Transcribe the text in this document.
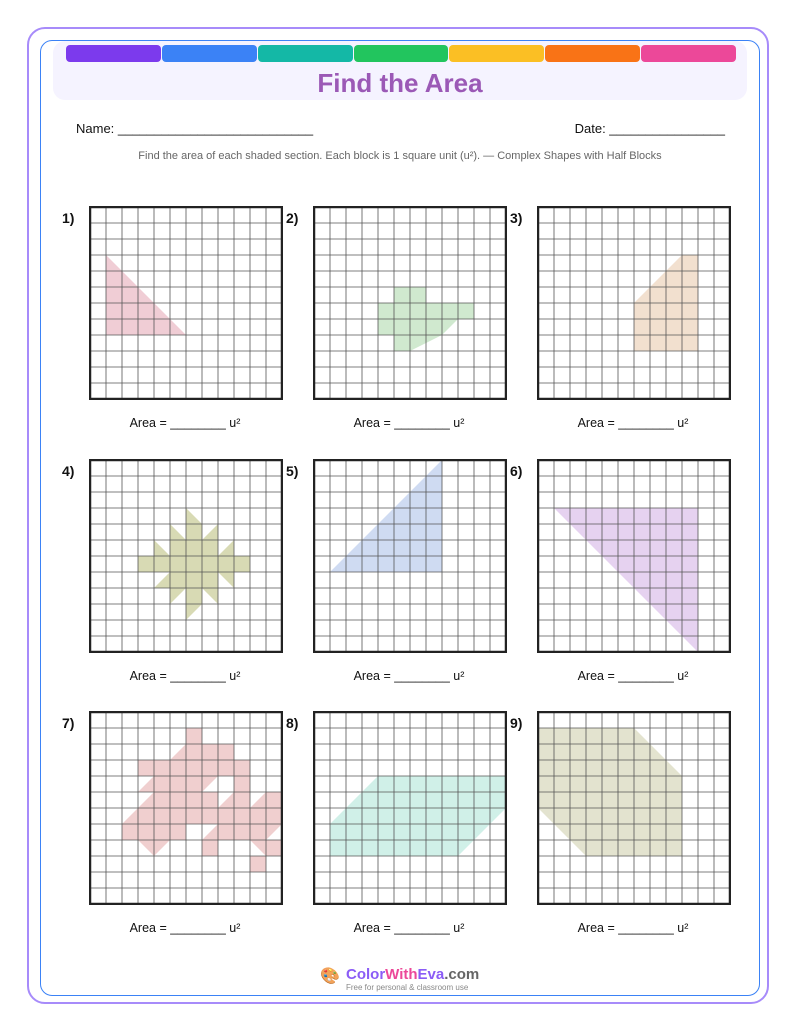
Find the Area
Name: ___________________________	Date: ________________
Find the area of each shaded section. Each block is 1 square unit (u²). — Complex Shapes with Half Blocks
1)
Area = ________ u²
2)
Area = ________ u²
3)
Area = ________ u²
4)
Area = ________ u²
5)
Area = ________ u²
6)
Area = ________ u²
7)
Area = ________ u²
8)
Area = ________ u²
9)
Area = ________ u²
🎨 ColorWithEva.com
Free for personal & classroom use
